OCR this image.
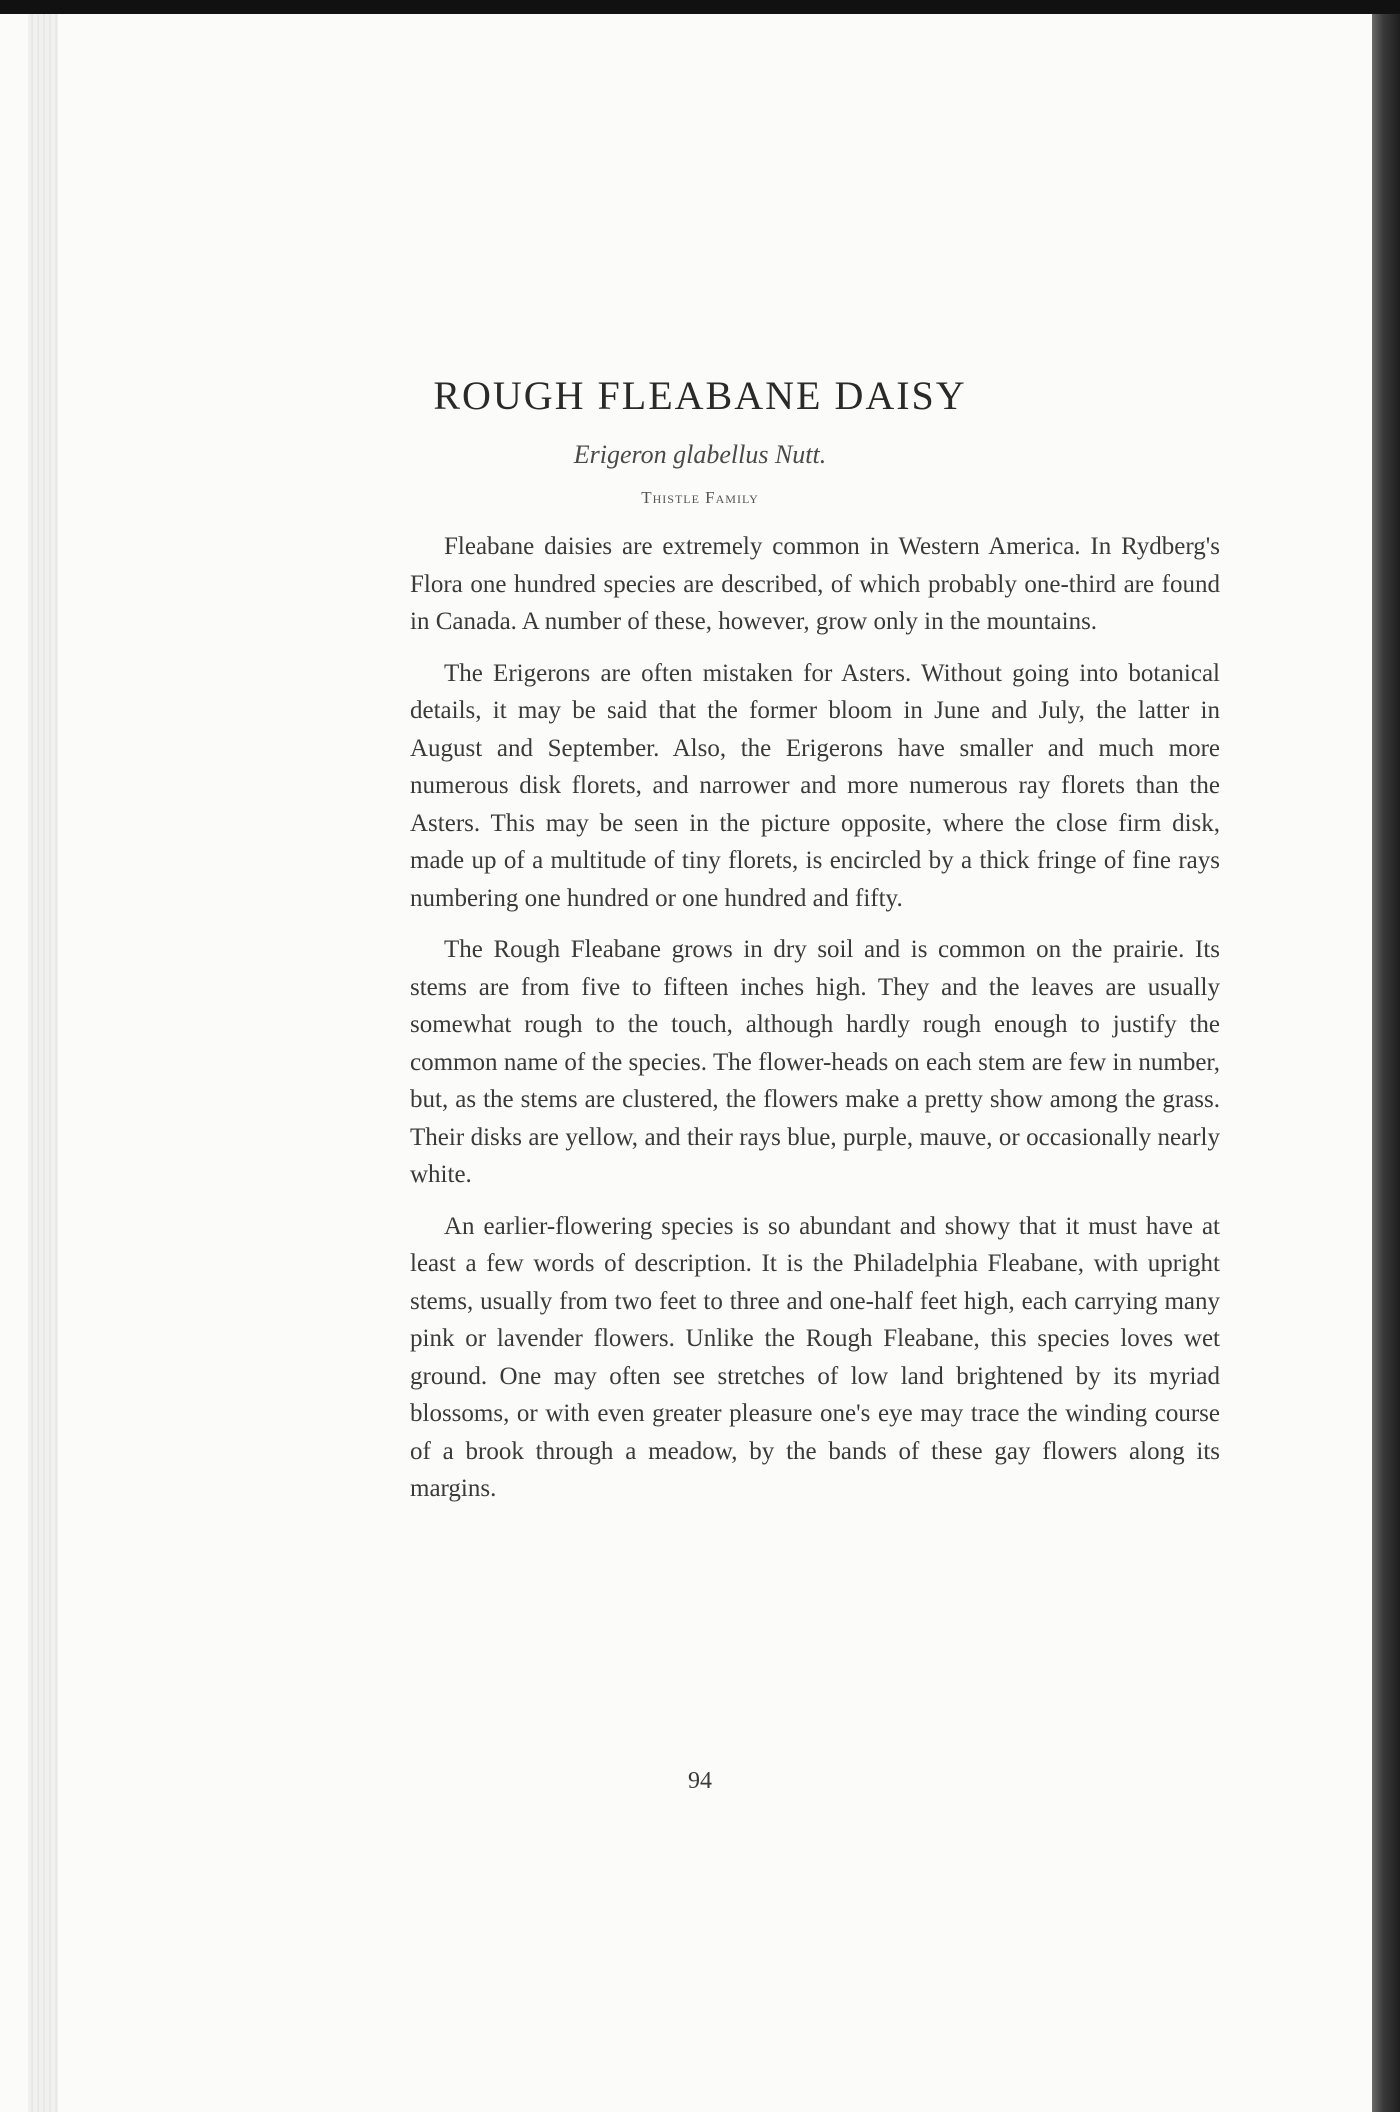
ROUGH FLEABANE DAISY

Erigeron glabellus Nutt.

Thistle Family

Fleabane daisies are extremely common in Western America. In Rydberg's Flora one hundred species are described, of which probably one-third are found in Canada. A number of these, however, grow only in the mountains.

The Erigerons are often mistaken for Asters. Without going into botanical details, it may be said that the former bloom in June and July, the latter in August and September. Also, the Erigerons have smaller and much more numerous disk florets, and narrower and more numerous ray florets than the Asters. This may be seen in the picture opposite, where the close firm disk, made up of a multitude of tiny florets, is encircled by a thick fringe of fine rays numbering one hundred or one hundred and fifty.

The Rough Fleabane grows in dry soil and is common on the prairie. Its stems are from five to fifteen inches high. They and the leaves are usually somewhat rough to the touch, although hardly rough enough to justify the common name of the species. The flower-heads on each stem are few in number, but, as the stems are clustered, the flowers make a pretty show among the grass. Their disks are yellow, and their rays blue, purple, mauve, or occasionally nearly white.

An earlier-flowering species is so abundant and showy that it must have at least a few words of description. It is the Philadelphia Fleabane, with upright stems, usually from two feet to three and one-half feet high, each carrying many pink or lavender flowers. Unlike the Rough Fleabane, this species loves wet ground. One may often see stretches of low land brightened by its myriad blossoms, or with even greater pleasure one's eye may trace the winding course of a brook through a meadow, by the bands of these gay flowers along its margins.

94
